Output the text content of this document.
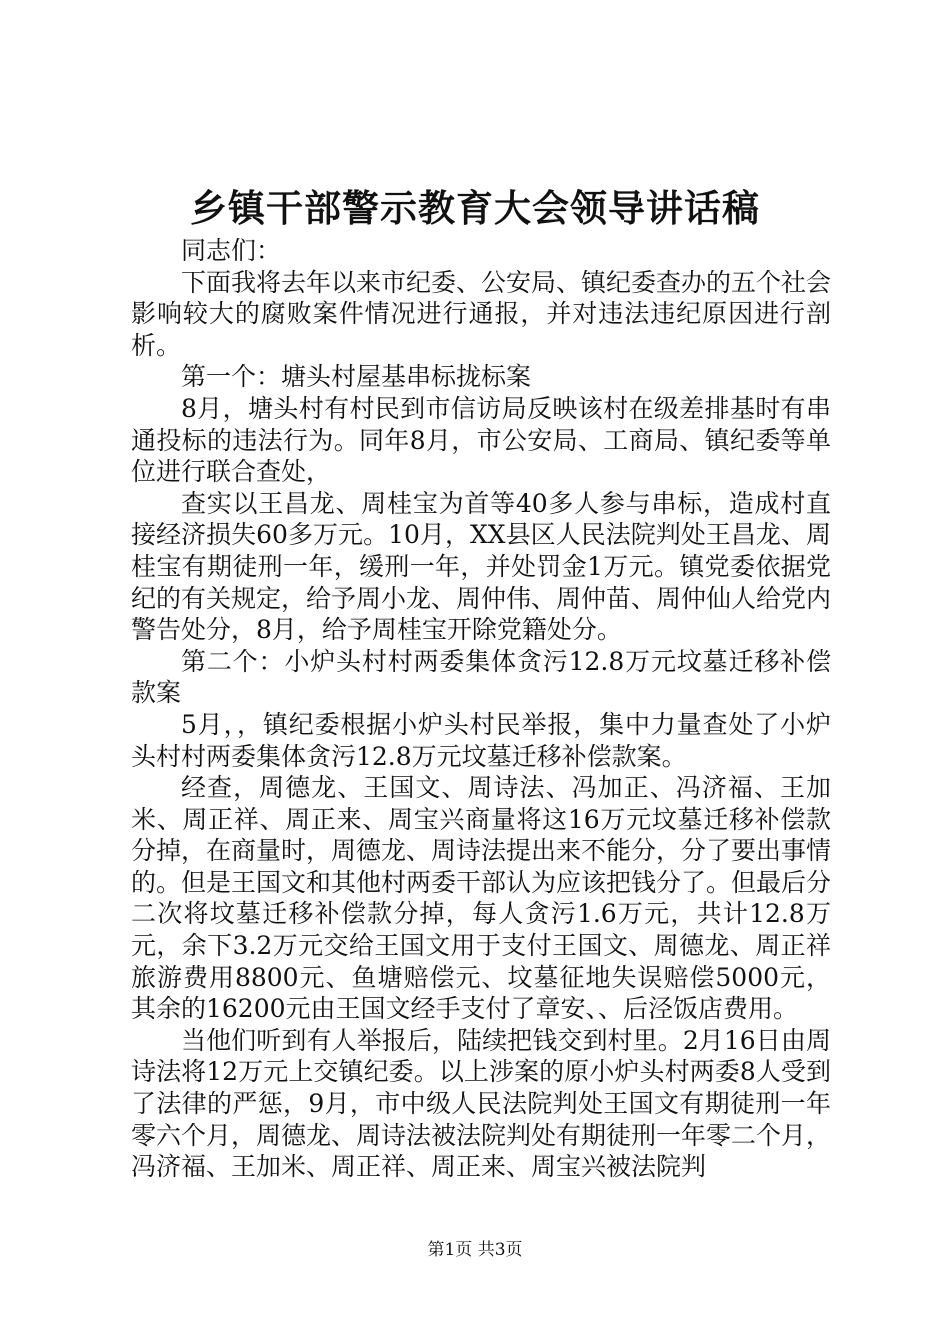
乡镇干部警示教育大会领导讲话稿

同志们：

下面我将去年以来市纪委、公安局、镇纪委查办的五个社会影响较大的腐败案件情况进行通报，并对违法违纪原因进行剖析。

第一个：塘头村屋基串标拢标案

8月，塘头村有村民到市信访局反映该村在级差排基时有串通投标的违法行为。同年8月，市公安局、工商局、镇纪委等单位进行联合查处，

查实以王昌龙、周桂宝为首等40多人参与串标，造成村直接经济损失60多万元。10月，XX县区人民法院判处王昌龙、周桂宝有期徒刑一年，缓刑一年，并处罚金1万元。镇党委依据党纪的有关规定，给予周小龙、周仲伟、周仲苗、周仲仙人给党内警告处分，8月，给予周桂宝开除党籍处分。

第二个：小炉头村村两委集体贪污12.8万元坟墓迁移补偿款案

5月，，镇纪委根据小炉头村民举报，集中力量查处了小炉头村村两委集体贪污12.8万元坟墓迁移补偿款案。

经查，周德龙、王国文、周诗法、冯加正、冯济福、王加米、周正祥、周正来、周宝兴商量将这16万元坟墓迁移补偿款分掉，在商量时，周德龙、周诗法提出来不能分，分了要出事情的。但是王国文和其他村两委干部认为应该把钱分了。但最后分二次将坟墓迁移补偿款分掉，每人贪污1.6万元，共计12.8万元，余下3.2万元交给王国文用于支付王国文、周德龙、周正祥旅游费用8800元、鱼塘赔偿元、坟墓征地失误赔偿5000元，其余的16200元由王国文经手支付了章安、、后泾饭店费用。

当他们听到有人举报后，陆续把钱交到村里。2月16日由周诗法将12万元上交镇纪委。以上涉案的原小炉头村两委8人受到了法律的严惩，9月，市中级人民法院判处王国文有期徒刑一年零六个月，周德龙、周诗法被法院判处有期徒刑一年零二个月，冯济福、王加米、周正祥、周正来、周宝兴被法院判

第1页 共3页
